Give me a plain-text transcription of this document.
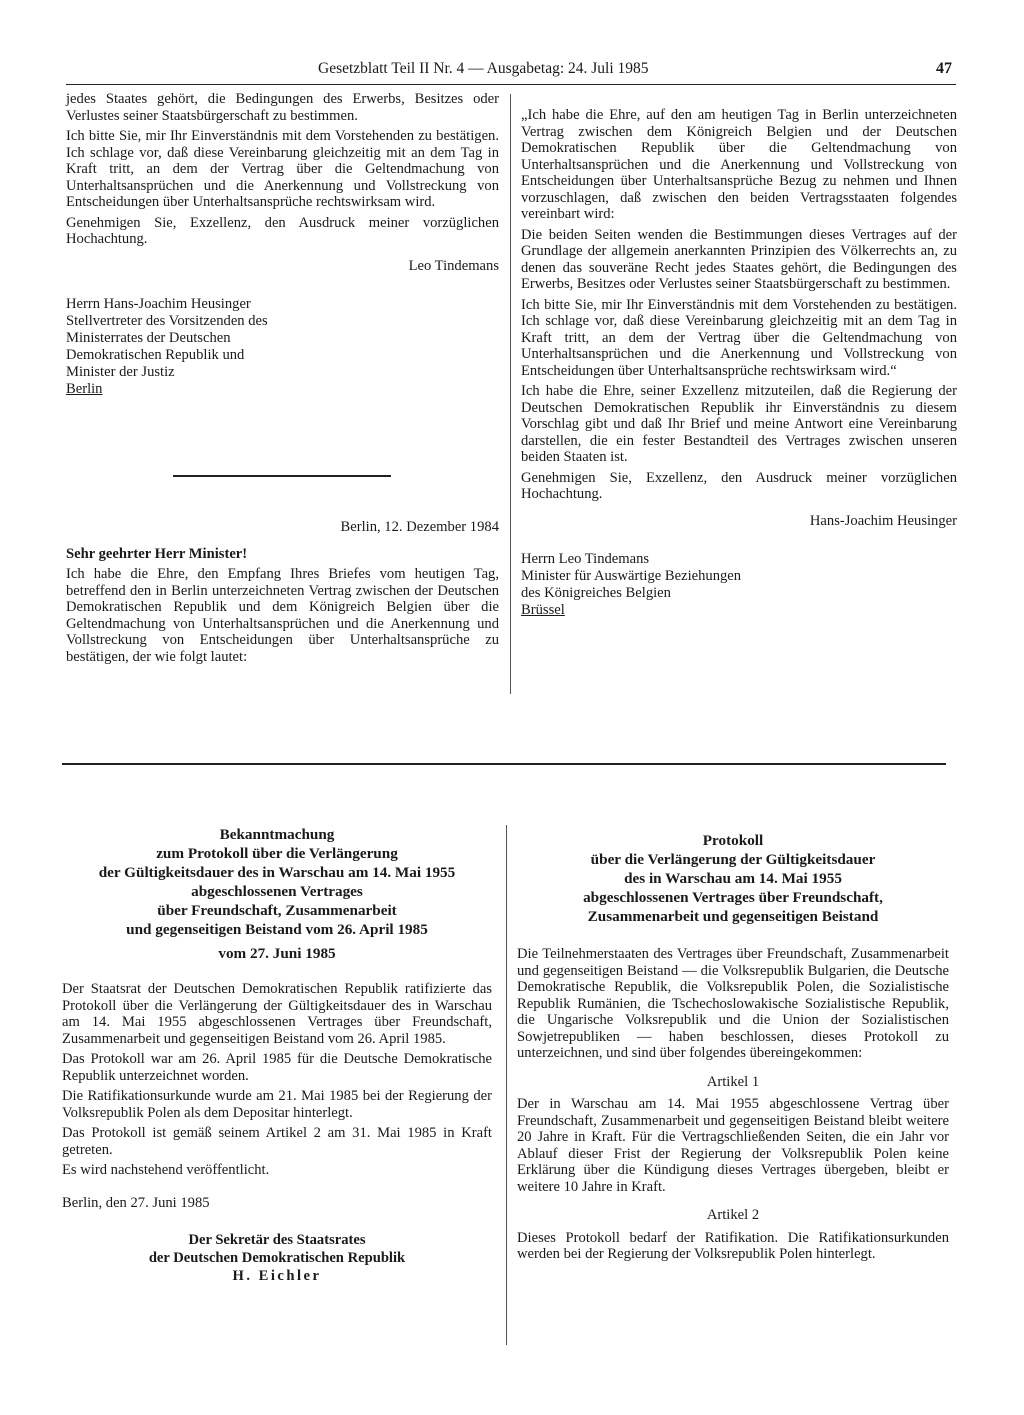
Gesetzblatt Teil II Nr. 4 — Ausgabetag: 24. Juli 1985	47

jedes Staates gehört, die Bedingungen des Erwerbs, Besitzes oder Verlustes seiner Staatsbürgerschaft zu bestimmen.

Ich bitte Sie, mir Ihr Einverständnis mit dem Vorstehenden zu bestätigen. Ich schlage vor, daß diese Vereinbarung gleichzeitig mit an dem Tag in Kraft tritt, an dem der Vertrag über die Geltendmachung von Unterhaltsansprüchen und die Anerkennung und Vollstreckung von Entscheidungen über Unterhaltsansprüche rechtswirksam wird.

Genehmigen Sie, Exzellenz, den Ausdruck meiner vorzüglichen Hochachtung.

Leo Tindemans

Herrn Hans-Joachim Heusinger
Stellvertreter des Vorsitzenden des
Ministerrates der Deutschen
Demokratischen Republik und
Minister der Justiz
Berlin

Berlin, 12. Dezember 1984

Sehr geehrter Herr Minister!

Ich habe die Ehre, den Empfang Ihres Briefes vom heutigen Tag, betreffend den in Berlin unterzeichneten Vertrag zwischen der Deutschen Demokratischen Republik und dem Königreich Belgien über die Geltendmachung von Unterhaltsansprüchen und die Anerkennung und Vollstreckung von Entscheidungen über Unterhaltsansprüche zu bestätigen, der wie folgt lautet:

„Ich habe die Ehre, auf den am heutigen Tag in Berlin unterzeichneten Vertrag zwischen dem Königreich Belgien und der Deutschen Demokratischen Republik über die Geltendmachung von Unterhaltsansprüchen und die Anerkennung und Vollstreckung von Entscheidungen über Unterhaltsansprüche Bezug zu nehmen und Ihnen vorzuschlagen, daß zwischen den beiden Vertragsstaaten folgendes vereinbart wird:

Die beiden Seiten wenden die Bestimmungen dieses Vertrages auf der Grundlage der allgemein anerkannten Prinzipien des Völkerrechts an, zu denen das souveräne Recht jedes Staates gehört, die Bedingungen des Erwerbs, Besitzes oder Verlustes seiner Staatsbürgerschaft zu bestimmen.

Ich bitte Sie, mir Ihr Einverständnis mit dem Vorstehenden zu bestätigen. Ich schlage vor, daß diese Vereinbarung gleichzeitig mit an dem Tag in Kraft tritt, an dem der Vertrag über die Geltendmachung von Unterhaltsansprüchen und die Anerkennung und Vollstreckung von Entscheidungen über Unterhaltsansprüche rechtswirksam wird.“

Ich habe die Ehre, seiner Exzellenz mitzuteilen, daß die Regierung der Deutschen Demokratischen Republik ihr Einverständnis zu diesem Vorschlag gibt und daß Ihr Brief und meine Antwort eine Vereinbarung darstellen, die ein fester Bestandteil des Vertrages zwischen unseren beiden Staaten ist.

Genehmigen Sie, Exzellenz, den Ausdruck meiner vorzüglichen Hochachtung.

Hans-Joachim Heusinger

Herrn Leo Tindemans
Minister für Auswärtige Beziehungen
des Königreiches Belgien
Brüssel
Bekanntmachung
zum Protokoll über die Verlängerung
der Gültigkeitsdauer des in Warschau am 14. Mai 1955
abgeschlossenen Vertrages
über Freundschaft, Zusammenarbeit
und gegenseitigen Beistand vom 26. April 1985
vom 27. Juni 1985

Der Staatsrat der Deutschen Demokratischen Republik ratifizierte das Protokoll über die Verlängerung der Gültigkeitsdauer des in Warschau am 14. Mai 1955 abgeschlossenen Vertrages über Freundschaft, Zusammenarbeit und gegenseitigen Beistand vom 26. April 1985.

Das Protokoll war am 26. April 1985 für die Deutsche Demokratische Republik unterzeichnet worden.

Die Ratifikationsurkunde wurde am 21. Mai 1985 bei der Regierung der Volksrepublik Polen als dem Depositar hinterlegt.

Das Protokoll ist gemäß seinem Artikel 2 am 31. Mai 1985 in Kraft getreten.

Es wird nachstehend veröffentlicht.

Berlin, den 27. Juni 1985

Der Sekretär des Staatsrates
der Deutschen Demokratischen Republik
H. Eichler
Protokoll
über die Verlängerung der Gültigkeitsdauer
des in Warschau am 14. Mai 1955
abgeschlossenen Vertrages über Freundschaft,
Zusammenarbeit und gegenseitigen Beistand

Die Teilnehmerstaaten des Vertrages über Freundschaft, Zusammenarbeit und gegenseitigen Beistand — die Volksrepublik Bulgarien, die Deutsche Demokratische Republik, die Volksrepublik Polen, die Sozialistische Republik Rumänien, die Tschechoslowakische Sozialistische Republik, die Ungarische Volksrepublik und die Union der Sozialistischen Sowjetrepubliken — haben beschlossen, dieses Protokoll zu unterzeichnen, und sind über folgendes übereingekommen:

Artikel 1

Der in Warschau am 14. Mai 1955 abgeschlossene Vertrag über Freundschaft, Zusammenarbeit und gegenseitigen Beistand bleibt weitere 20 Jahre in Kraft. Für die Vertragschließenden Seiten, die ein Jahr vor Ablauf dieser Frist der Regierung der Volksrepublik Polen keine Erklärung über die Kündigung dieses Vertrages übergeben, bleibt er weitere 10 Jahre in Kraft.

Artikel 2

Dieses Protokoll bedarf der Ratifikation. Die Ratifikationsurkunden werden bei der Regierung der Volksrepublik Polen hinterlegt.
